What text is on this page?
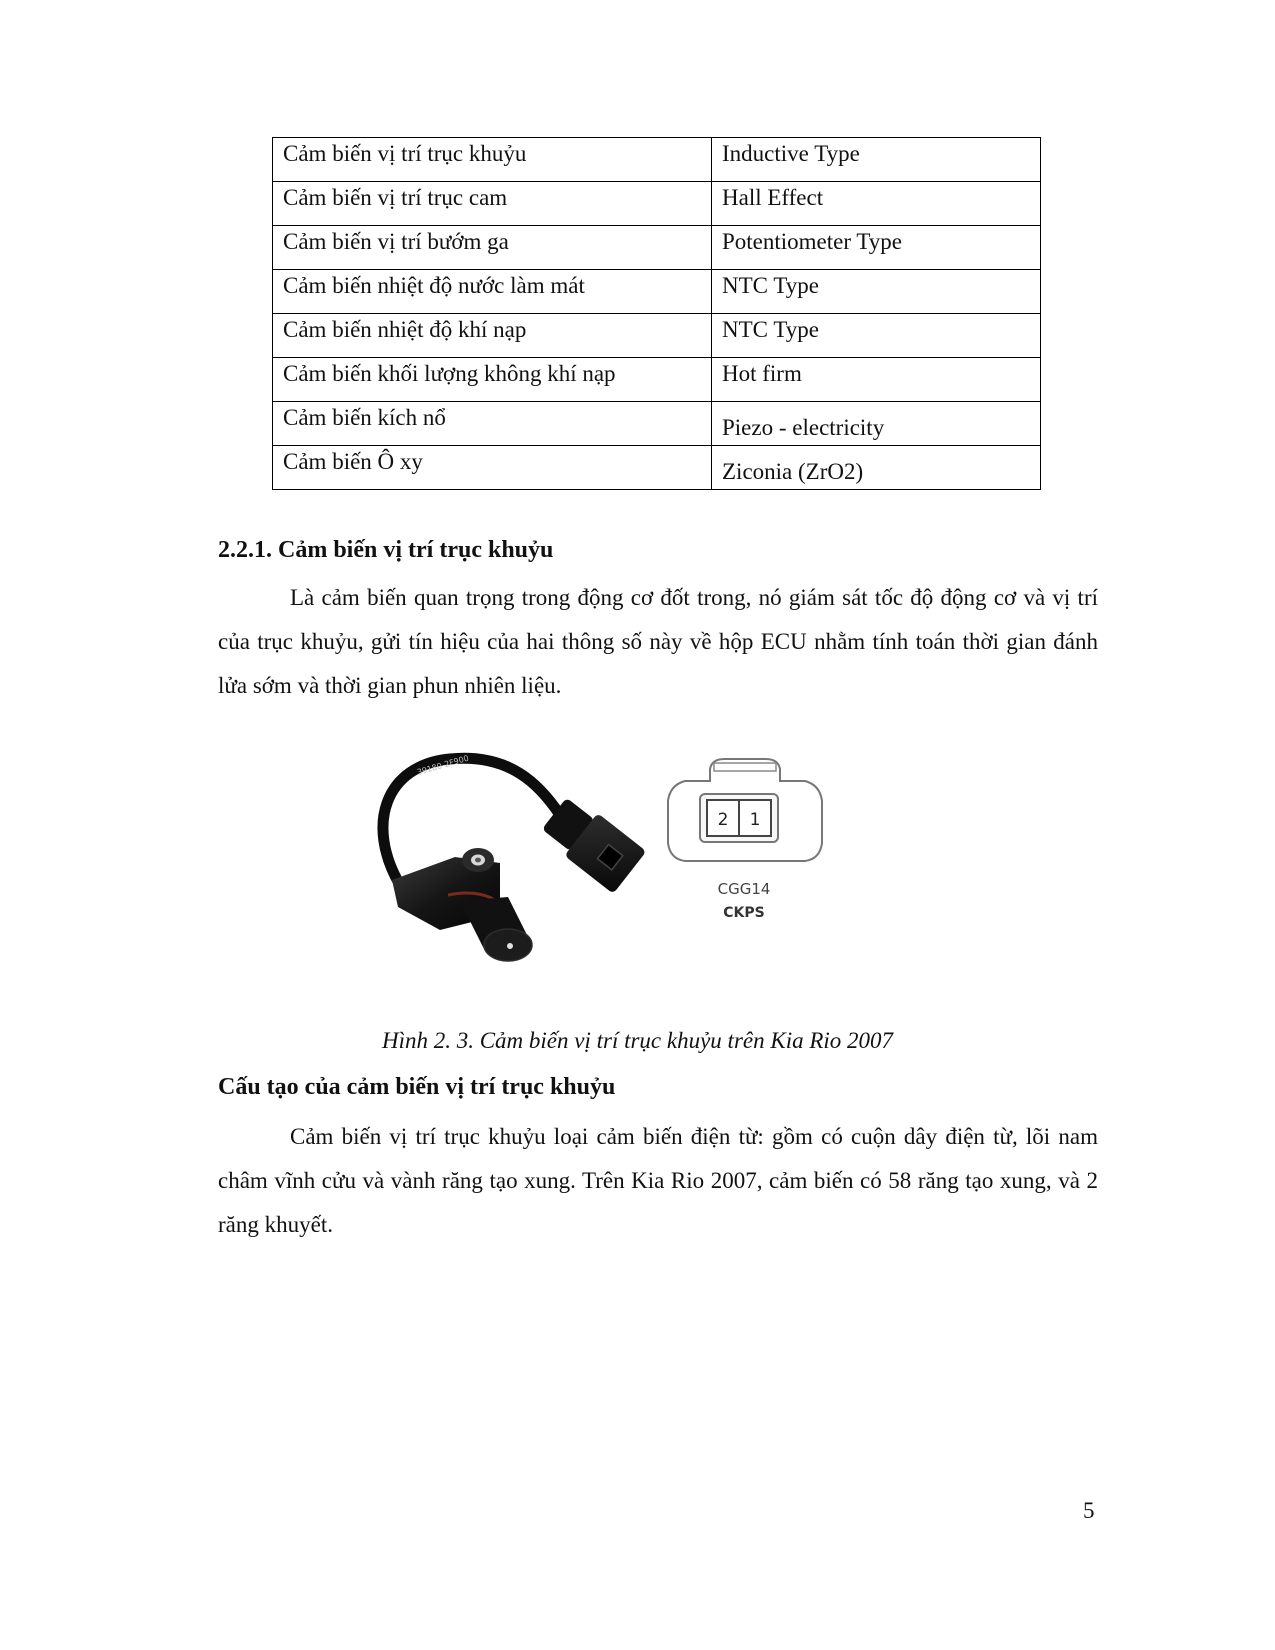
Cảm biến vị trí trục khuỷu	Inductive Type
Cảm biến vị trí trục cam	Hall Effect
Cảm biến vị trí bướm ga	Potentiometer Type
Cảm biến nhiệt độ nước làm mát	NTC Type
Cảm biến nhiệt độ khí nạp	NTC Type
Cảm biến khối lượng không khí nạp	Hot firm
Cảm biến kích nổ	Piezo - electricity
Cảm biến Ô xy	Ziconia (ZrO2)
2.2.1. Cảm biến vị trí trục khuỷu

Là cảm biến quan trọng trong động cơ đốt trong, nó giám sát tốc độ động cơ và vị trí của trục khuỷu, gửi tín hiệu của hai thông số này về hộp ECU nhằm tính toán thời gian đánh lửa sớm và thời gian phun nhiên liệu.

39180-2F900
2 1
CGG14
CKPS

Hình 2. 3. Cảm biến vị trí trục khuỷu trên Kia Rio 2007

Cấu tạo của cảm biến vị trí trục khuỷu

Cảm biến vị trí trục khuỷu loại cảm biến điện từ: gồm có cuộn dây điện từ, lõi nam châm vĩnh cửu và vành răng tạo xung. Trên Kia Rio 2007, cảm biến có 58 răng tạo xung, và 2 răng khuyết.

5
